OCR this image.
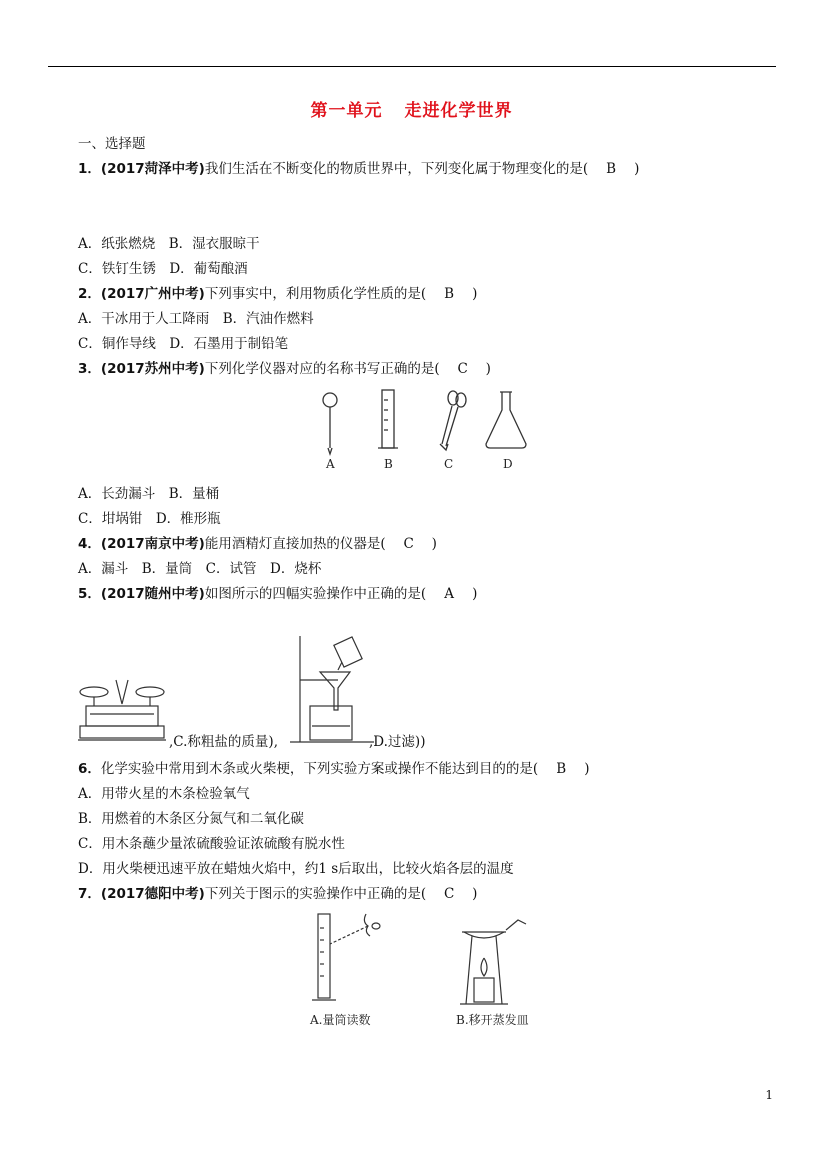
第一单元 走进化学世界
一、选择题
1．(2017菏泽中考)我们生活在不断变化的物质世界中，下列变化属于物理变化的是( B )
A．纸张燃烧　B．湿衣服晾干
C．铁钉生锈　D．葡萄酿酒
2．(2017广州中考)下列事实中，利用物质化学性质的是( B )
A．干冰用于人工降雨　B．汽油作燃料
C．铜作导线　D．石墨用于制铅笔
3．(2017苏州中考)下列化学仪器对应的名称书写正确的是( C )
A	B	C	D
A．长劲漏斗　B．量桶
C．坩埚钳　D．椎形瓶
4．(2017南京中考)能用酒精灯直接加热的仪器是( C )
A．漏斗　B．量筒　C．试管　D．烧杯
5．(2017随州中考)如图所示的四幅实验操作中正确的是( A )
,C.称粗盐的质量),	,D.过滤))
6．化学实验中常用到木条或火柴梗，下列实验方案或操作不能达到目的的是( B )
A．用带火星的木条检验氧气
B．用燃着的木条区分氮气和二氧化碳
C．用木条蘸少量浓硫酸验证浓硫酸有脱水性
D．用火柴梗迅速平放在蜡烛火焰中，约1 s后取出，比较火焰各层的温度
7．(2017德阳中考)下列关于图示的实验操作中正确的是( C )
A.量筒读数	B.移开蒸发皿
1
